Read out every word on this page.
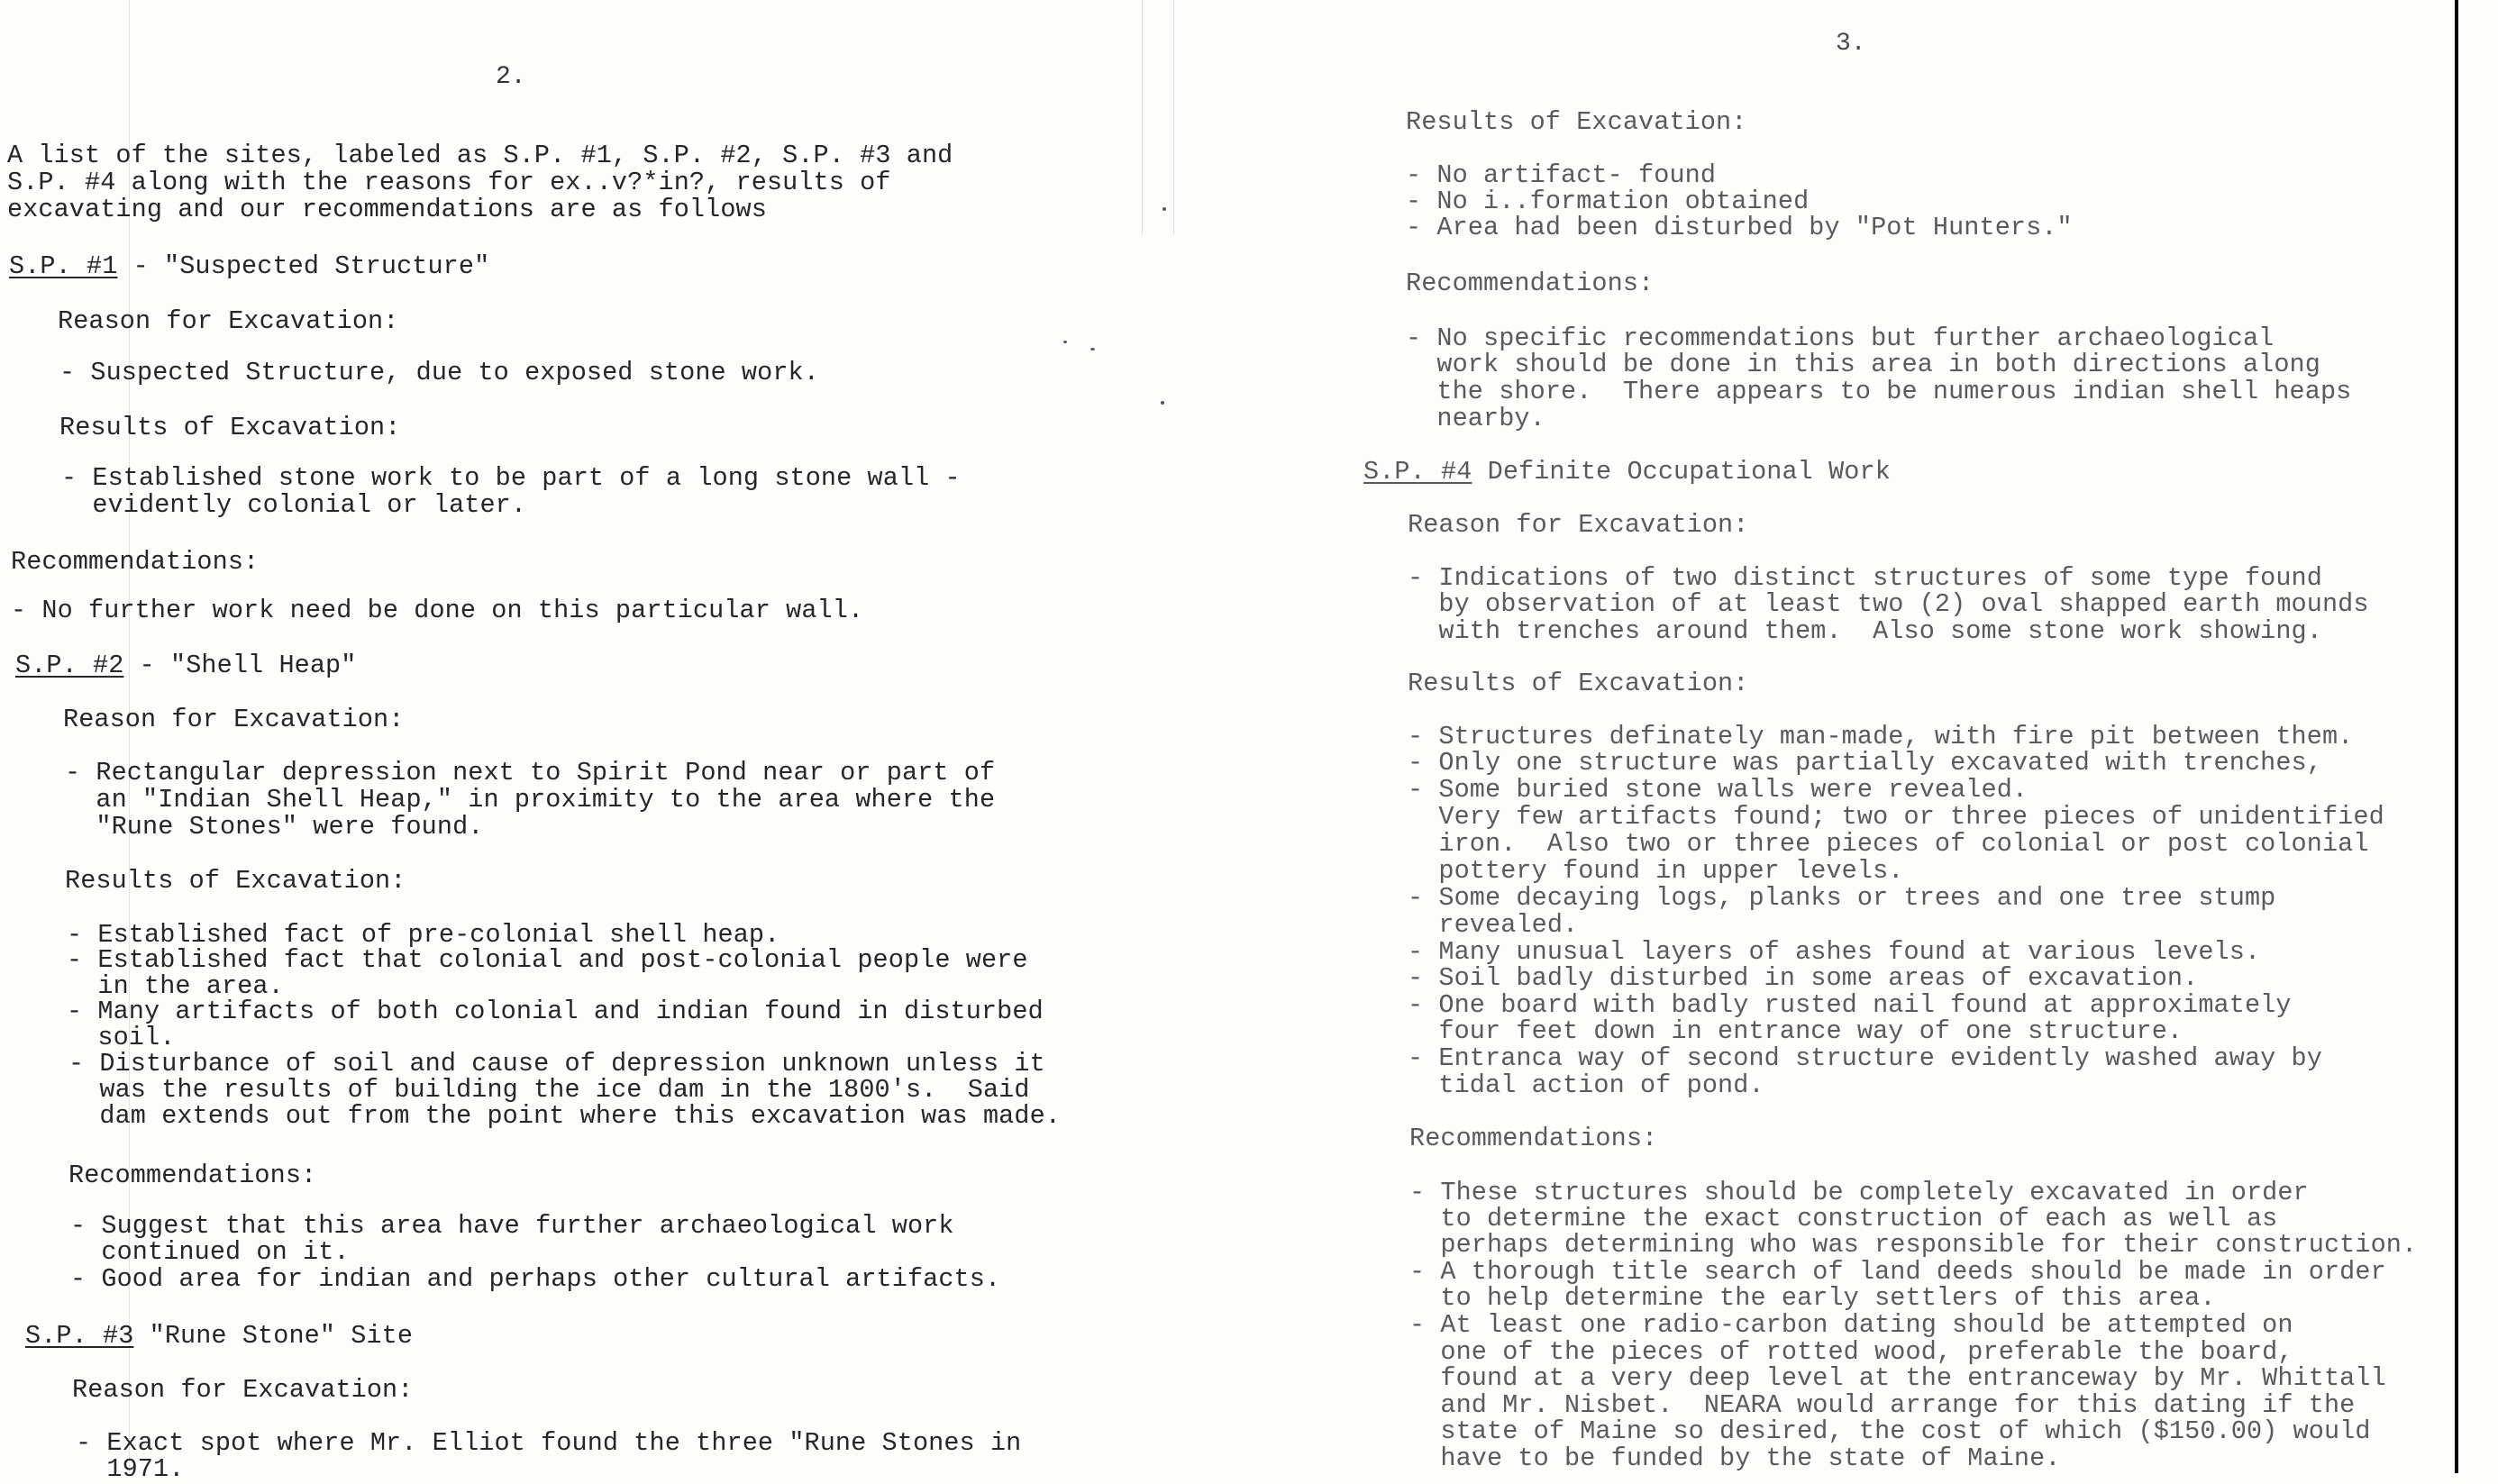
2.
A list of the sites, labeled as S.P. #1, S.P. #2, S.P. #3 and
S.P. #4 along with the reasons for ex..v?*in?, results of
excavating and our recommendations are as follows
S.P. #1 - "Suspected Structure"
Reason for Excavation:
- Suspected Structure, due to exposed stone work.
Results of Excavation:
- Established stone work to be part of a long stone wall -
evidently colonial or later.
Recommendations:
- No further work need be done on this particular wall.
S.P. #2 - "Shell Heap"
Reason for Excavation:
- Rectangular depression next to Spirit Pond near or part of
an "Indian Shell Heap," in proximity to the area where the
"Rune Stones" were found.
Results of Excavation:
- Established fact of pre-colonial shell heap.
- Established fact that colonial and post-colonial people were
in the area.
- Many artifacts of both colonial and indian found in disturbed
soil.
- Disturbance of soil and cause of depression unknown unless it
was the results of building the ice dam in the 1800's.  Said
dam extends out from the point where this excavation was made.
Recommendations:
- Suggest that this area have further archaeological work
continued on it.
- Good area for indian and perhaps other cultural artifacts.
S.P. #3 "Rune Stone" Site
Reason for Excavation:
- Exact spot where Mr. Elliot found the three "Rune Stones in
1971.
3.
Results of Excavation:
- No artifact- found
- No i..formation obtained
- Area had been disturbed by "Pot Hunters."
Recommendations:
- No specific recommendations but further archaeological
work should be done in this area in both directions along
the shore.  There appears to be numerous indian shell heaps
nearby.
S.P. #4 Definite Occupational Work
Reason for Excavation:
- Indications of two distinct structures of some type found
by observation of at least two (2) oval shapped earth mounds
with trenches around them.  Also some stone work showing.
Results of Excavation:
- Structures definately man-made, with fire pit between them.
- Only one structure was partially excavated with trenches,
- Some buried stone walls were revealed.
Very few artifacts found; two or three pieces of unidentified
iron.  Also two or three pieces of colonial or post colonial
pottery found in upper levels.
- Some decaying logs, planks or trees and one tree stump
revealed.
- Many unusual layers of ashes found at various levels.
- Soil badly disturbed in some areas of excavation.
- One board with badly rusted nail found at approximately
four feet down in entrance way of one structure.
- Entranca way of second structure evidently washed away by
tidal action of pond.
Recommendations:
- These structures should be completely excavated in order
to determine the exact construction of each as well as
perhaps determining who was responsible for their construction.
- A thorough title search of land deeds should be made in order
to help determine the early settlers of this area.
- At least one radio-carbon dating should be attempted on
one of the pieces of rotted wood, preferable the board,
found at a very deep level at the entranceway by Mr. Whittall
and Mr. Nisbet.  NEARA would arrange for this dating if the
state of Maine so desired, the cost of which ($150.00) would
have to be funded by the state of Maine.
